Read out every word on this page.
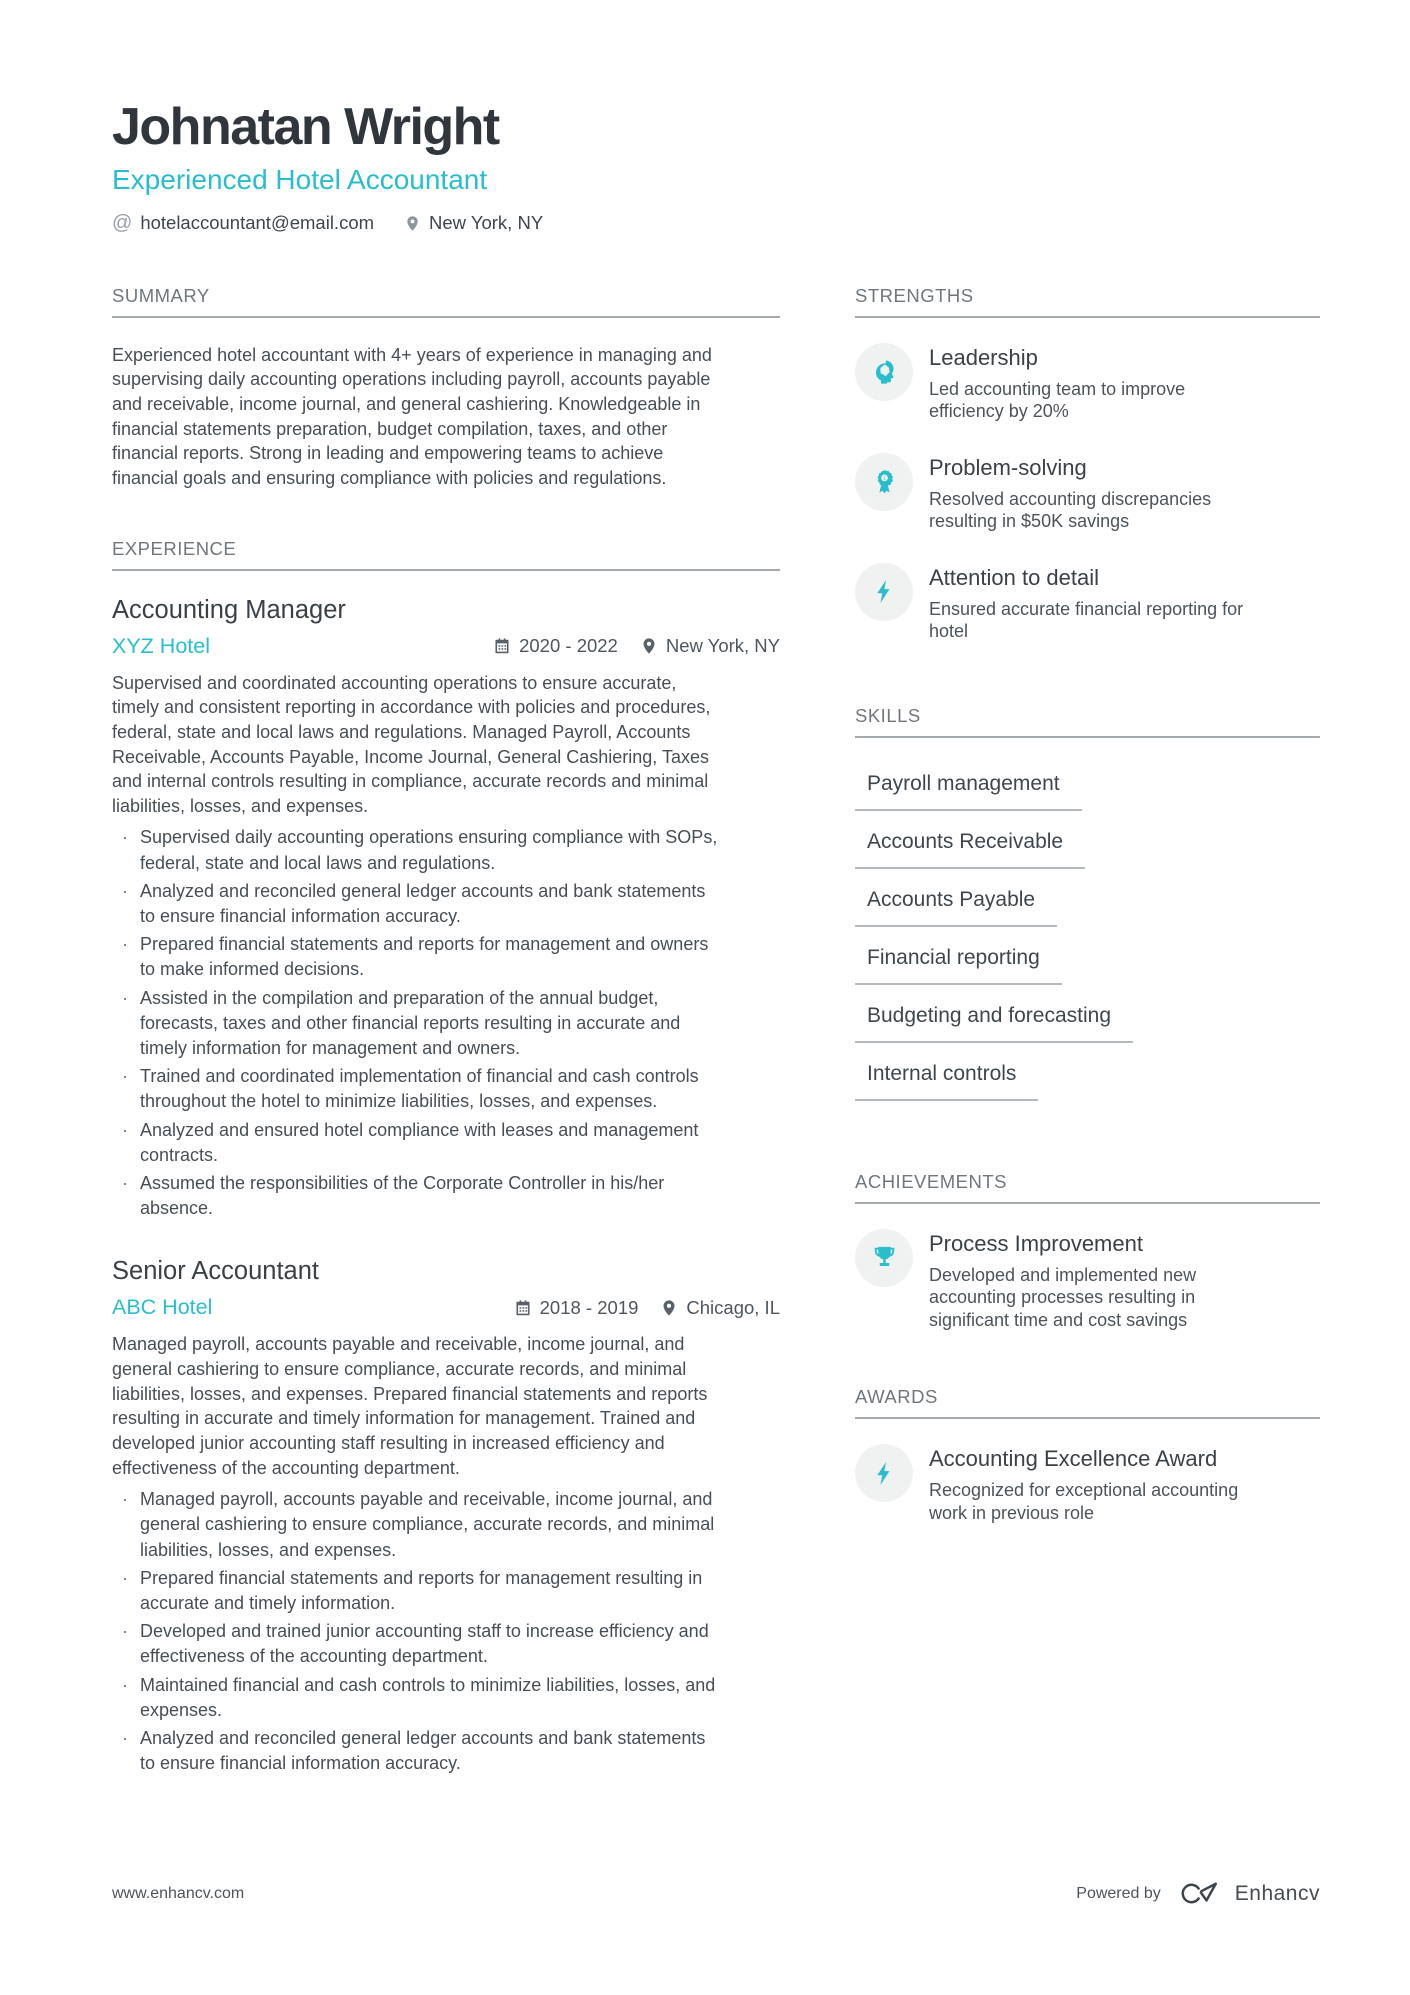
Johnatan Wright
Experienced Hotel Accountant
@ hotelaccountant@email.com	New York, NY
SUMMARY
Experienced hotel accountant with 4+ years of experience in managing and supervising daily accounting operations including payroll, accounts payable and receivable, income journal, and general cashiering. Knowledgeable in financial statements preparation, budget compilation, taxes, and other financial reports. Strong in leading and empowering teams to achieve financial goals and ensuring compliance with policies and regulations.
EXPERIENCE
Accounting Manager
XYZ Hotel	2020 - 2022	New York, NY
Supervised and coordinated accounting operations to ensure accurate, timely and consistent reporting in accordance with policies and procedures, federal, state and local laws and regulations. Managed Payroll, Accounts Receivable, Accounts Payable, Income Journal, General Cashiering, Taxes and internal controls resulting in compliance, accurate records and minimal liabilities, losses, and expenses.
· Supervised daily accounting operations ensuring compliance with SOPs, federal, state and local laws and regulations.
· Analyzed and reconciled general ledger accounts and bank statements to ensure financial information accuracy.
· Prepared financial statements and reports for management and owners to make informed decisions.
· Assisted in the compilation and preparation of the annual budget, forecasts, taxes and other financial reports resulting in accurate and timely information for management and owners.
· Trained and coordinated implementation of financial and cash controls throughout the hotel to minimize liabilities, losses, and expenses.
· Analyzed and ensured hotel compliance with leases and management contracts.
· Assumed the responsibilities of the Corporate Controller in his/her absence.
Senior Accountant
ABC Hotel	2018 - 2019	Chicago, IL
Managed payroll, accounts payable and receivable, income journal, and general cashiering to ensure compliance, accurate records, and minimal liabilities, losses, and expenses. Prepared financial statements and reports resulting in accurate and timely information for management. Trained and developed junior accounting staff resulting in increased efficiency and effectiveness of the accounting department.
· Managed payroll, accounts payable and receivable, income journal, and general cashiering to ensure compliance, accurate records, and minimal liabilities, losses, and expenses.
· Prepared financial statements and reports for management resulting in accurate and timely information.
· Developed and trained junior accounting staff to increase efficiency and effectiveness of the accounting department.
· Maintained financial and cash controls to minimize liabilities, losses, and expenses.
· Analyzed and reconciled general ledger accounts and bank statements to ensure financial information accuracy.
STRENGTHS
Leadership
Led accounting team to improve efficiency by 20%
Problem-solving
Resolved accounting discrepancies resulting in $50K savings
Attention to detail
Ensured accurate financial reporting for hotel
SKILLS
Payroll management
Accounts Receivable
Accounts Payable
Financial reporting
Budgeting and forecasting
Internal controls
ACHIEVEMENTS
Process Improvement
Developed and implemented new accounting processes resulting in significant time and cost savings
AWARDS
Accounting Excellence Award
Recognized for exceptional accounting work in previous role
www.enhancv.com	Powered by	Enhancv
